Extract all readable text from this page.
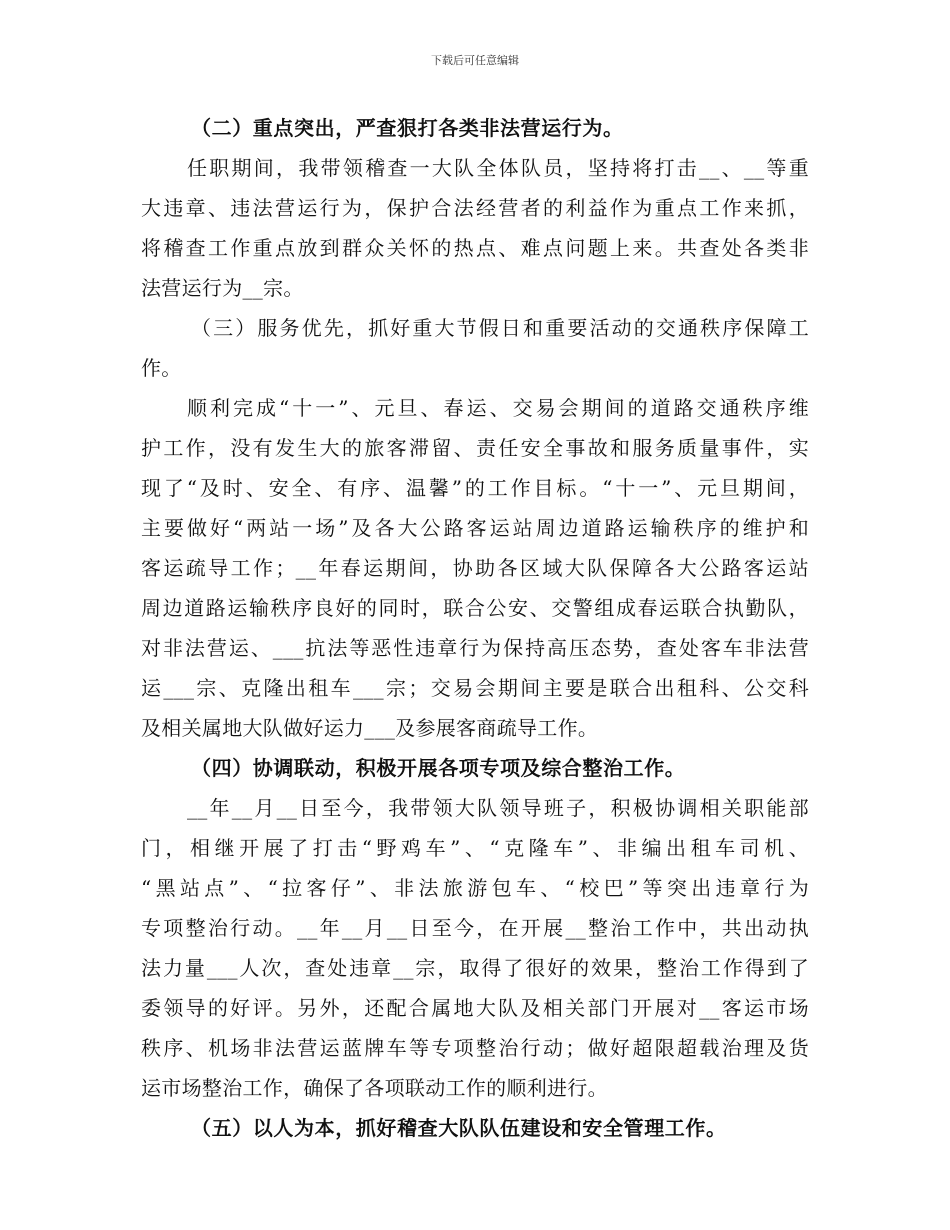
下载后可任意编辑
（二）重点突出，严查狠打各类非法营运行为。
任职期间，我带领稽查一大队全体队员，坚持将打击__、__等重
大违章、违法营运行为，保护合法经营者的利益作为重点工作来抓，
将稽查工作重点放到群众关怀的热点、难点问题上来。共查处各类非
法营运行为__宗。
（三）服务优先，抓好重大节假日和重要活动的交通秩序保障工
作。
顺利完成“十一”、元旦、春运、交易会期间的道路交通秩序维
护工作，没有发生大的旅客滞留、责任安全事故和服务质量事件，实
现了“及时、安全、有序、温馨”的工作目标。“十一”、元旦期间，
主要做好“两站一场”及各大公路客运站周边道路运输秩序的维护和
客运疏导工作；__年春运期间，协助各区域大队保障各大公路客运站
周边道路运输秩序良好的同时，联合公安、交警组成春运联合执勤队，
对非法营运、___抗法等恶性违章行为保持高压态势，查处客车非法营
运___宗、克隆出租车___宗；交易会期间主要是联合出租科、公交科
及相关属地大队做好运力___及参展客商疏导工作。
（四）协调联动，积极开展各项专项及综合整治工作。
__年__月__日至今，我带领大队领导班子，积极协调相关职能部
门，相继开展了打击“野鸡车”、“克隆车”、非编出租车司机、
“黑站点”、“拉客仔”、非法旅游包车、“校巴”等突出违章行为
专项整治行动。__年__月__日至今，在开展__整治工作中，共出动执
法力量___人次，查处违章__宗，取得了很好的效果，整治工作得到了
委领导的好评。另外，还配合属地大队及相关部门开展对__客运市场
秩序、机场非法营运蓝牌车等专项整治行动；做好超限超载治理及货
运市场整治工作，确保了各项联动工作的顺利进行。
（五）以人为本，抓好稽查大队队伍建设和安全管理工作。
